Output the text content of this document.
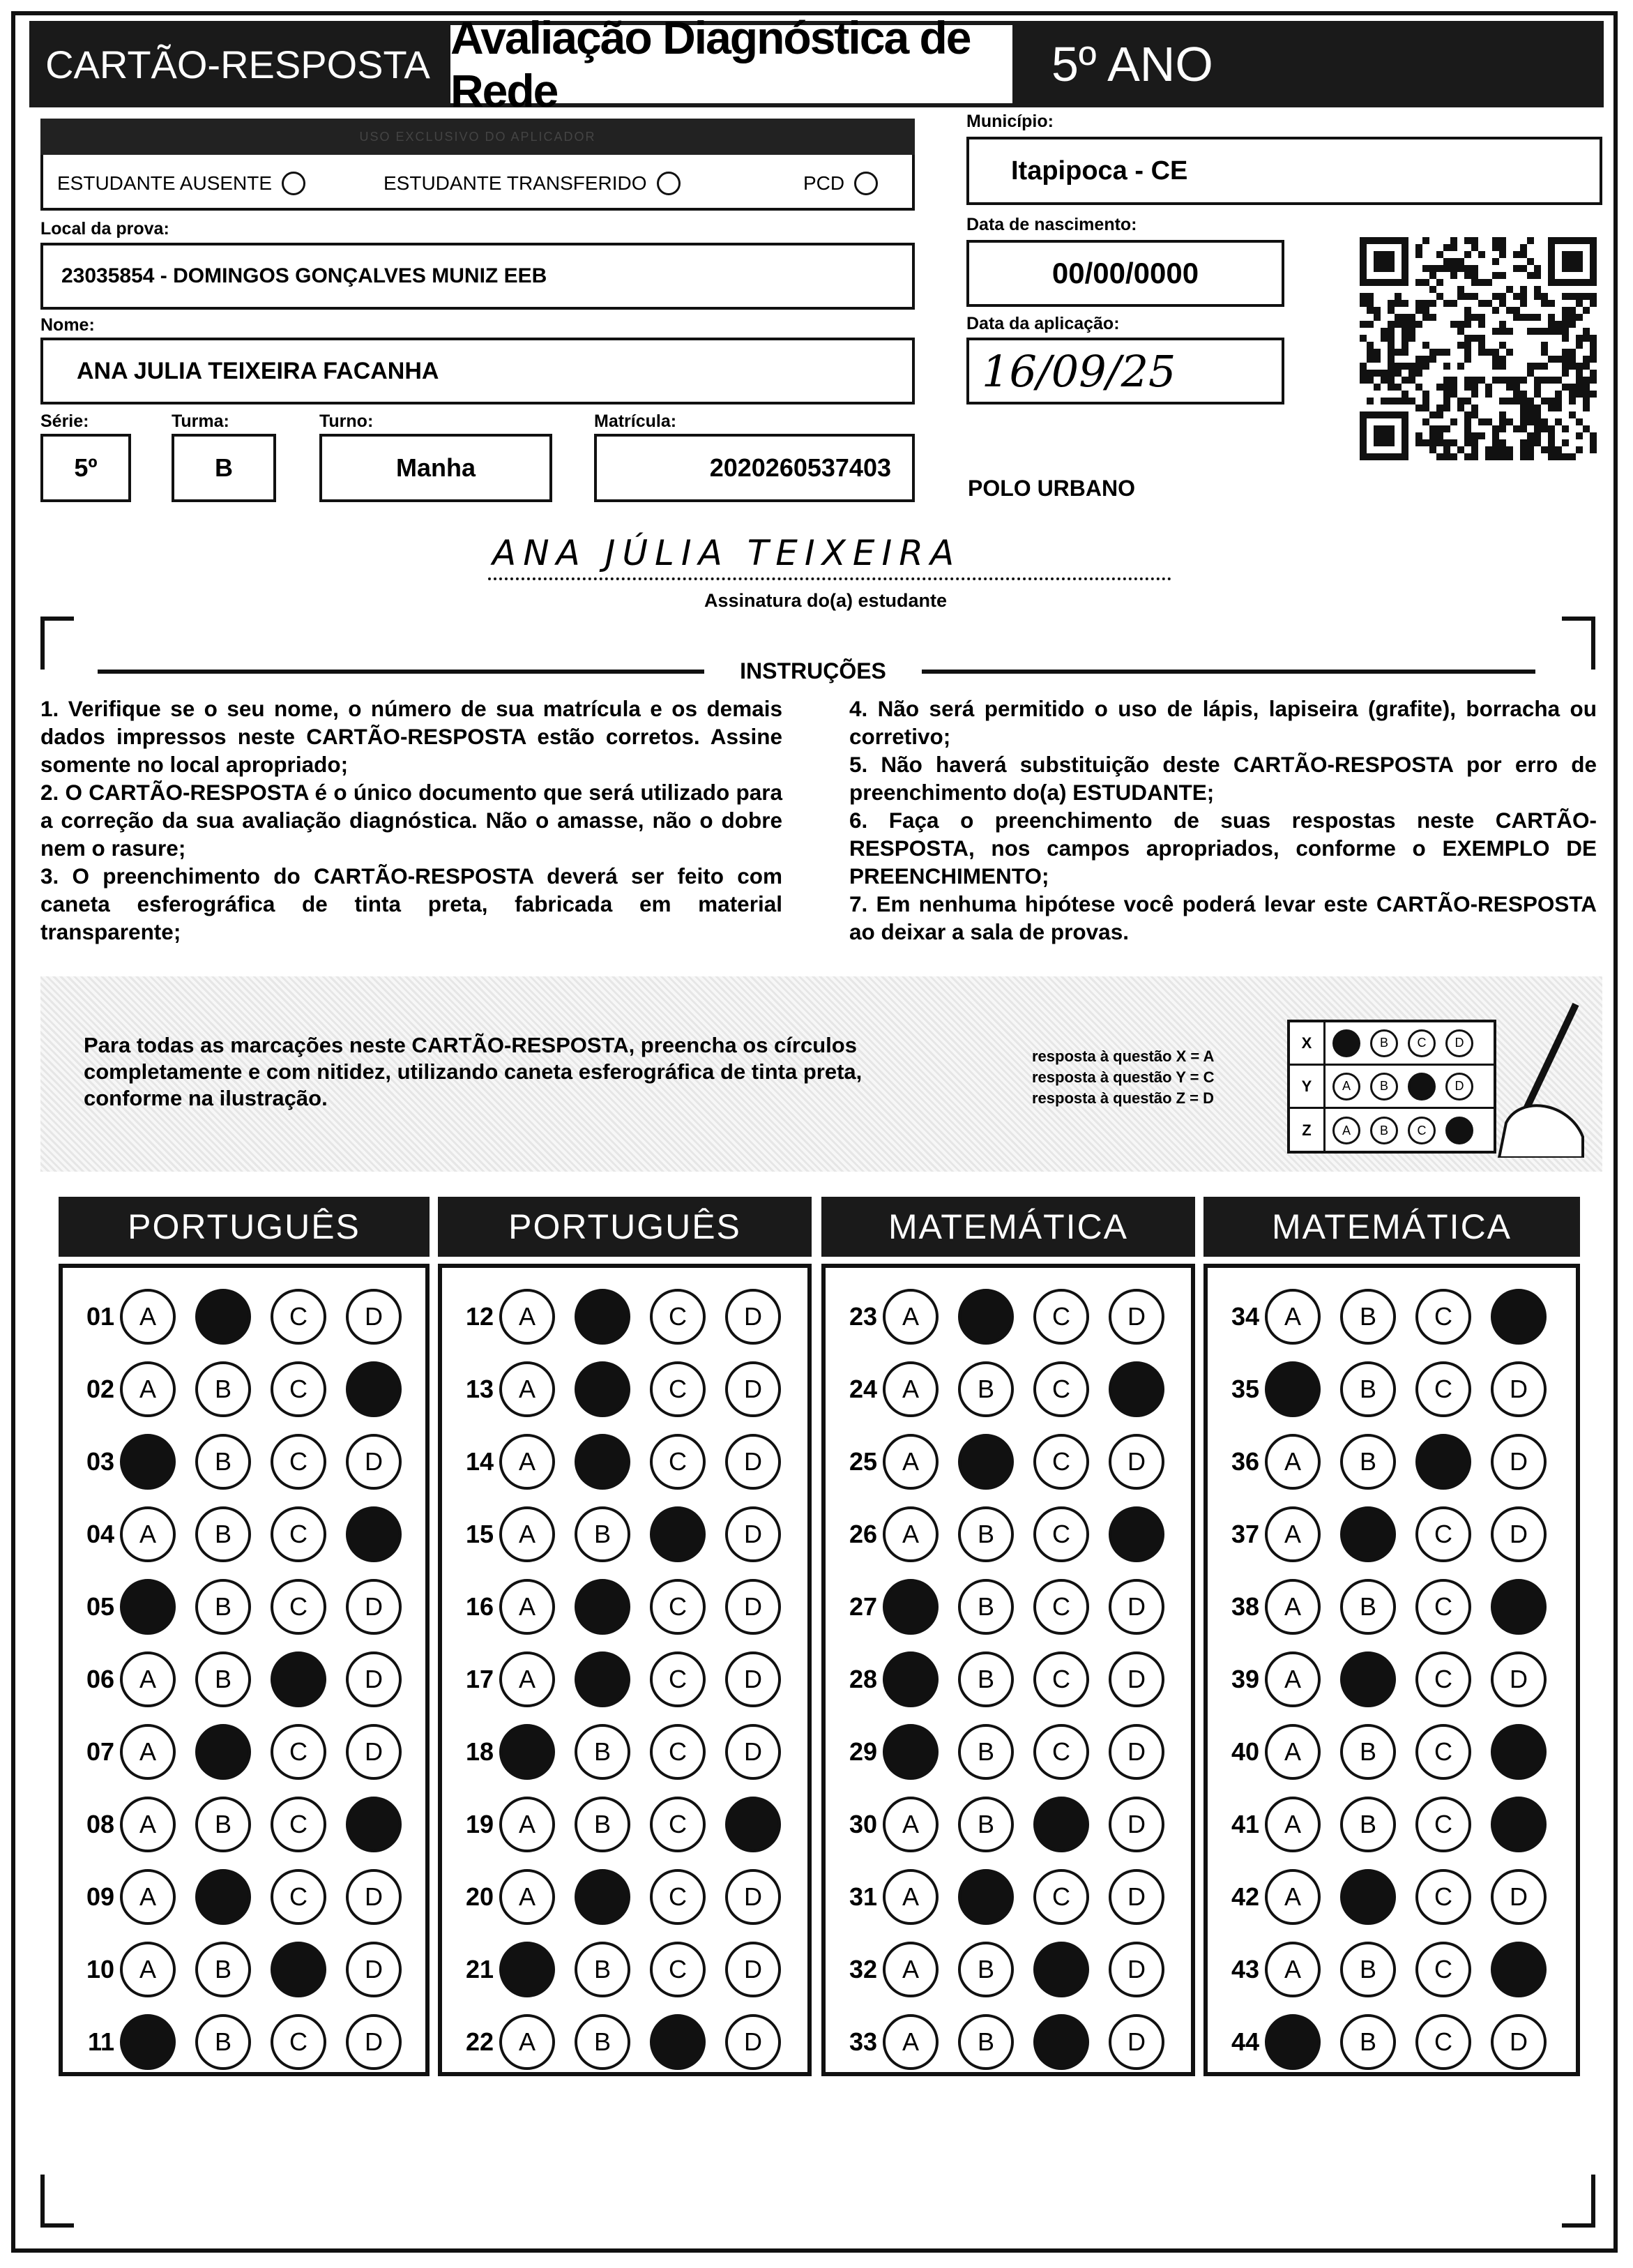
CARTÃO-RESPOSTA
Avaliação Diagnóstica de Rede	5º ANO
USO EXCLUSIVO DO APLICADOR
ESTUDANTE AUSENTE	ESTUDANTE TRANSFERIDO	PCD
Local da prova:
23035854 - DOMINGOS GONÇALVES MUNIZ EEB
Nome:
ANA JULIA TEIXEIRA FACANHA
Série:
5º
Turma:
B
Turno:
Manha
Matrícula:
2020260537403
Município:
Itapipoca - CE
Data de nascimento:
00/00/0000
Data da aplicação:
16/09/25
POLO URBANO
ANA JÚLIA TEIXEIRA
Assinatura do(a) estudante
INSTRUÇÕES

1. Verifique se o seu nome, o número de sua matrícula e os demais dados impressos neste CARTÃO-RESPOSTA estão corretos. Assine somente no local apropriado;

2. O CARTÃO-RESPOSTA é o único documento que será utilizado para a correção da sua avaliação diagnóstica. Não o amasse, não o dobre nem o rasure;

3. O preenchimento do CARTÃO-RESPOSTA deverá ser feito com caneta esferográfica de tinta preta, fabricada em material transparente;

4. Não será permitido o uso de lápis, lapiseira (grafite), borracha ou corretivo;

5. Não haverá substituição deste CARTÃO-RESPOSTA por erro de preenchimento do(a) ESTUDANTE;

6. Faça o preenchimento de suas respostas neste CARTÃO-RESPOSTA, nos campos apropriados, conforme o EXEMPLO DE PREENCHIMENTO;

7. Em nenhuma hipótese você poderá levar este CARTÃO-RESPOSTA ao deixar a sala de provas.

Para todas as marcações neste CARTÃO-RESPOSTA, preencha os círculos completamente e com nitidez, utilizando caneta esferográfica de tinta preta, conforme na ilustração.
resposta à questão X = A
resposta à questão Y = C
resposta à questão Z = D
X	B C D
Y	A B	D
Z	A B C
PORTUGUÊS
01 A	C D
02 A B C
03	B C D
04 A B C
05	B C D
06 A B	D
07 A	C D
08 A B C
09 A	C D
10 A B	D
11	B C D
PORTUGUÊS
12 A	C D
13 A	C D
14 A	C D
15 A B	D
16 A	C D
17 A	C D
18	B C D
19 A B C
20 A	C D
21	B C D
22 A B	D
MATEMÁTICA
23 A	C D
24 A B C
25 A	C D
26 A B C
27	B C D
28	B C D
29	B C D
30 A B	D
31 A	C D
32 A B	D
33 A B	D
MATEMÁTICA
34 A B C
35	B C D
36 A B	D
37 A	C D
38 A B C
39 A	C D
40 A B C
41 A B C
42 A	C D
43 A B C
44	B C D
